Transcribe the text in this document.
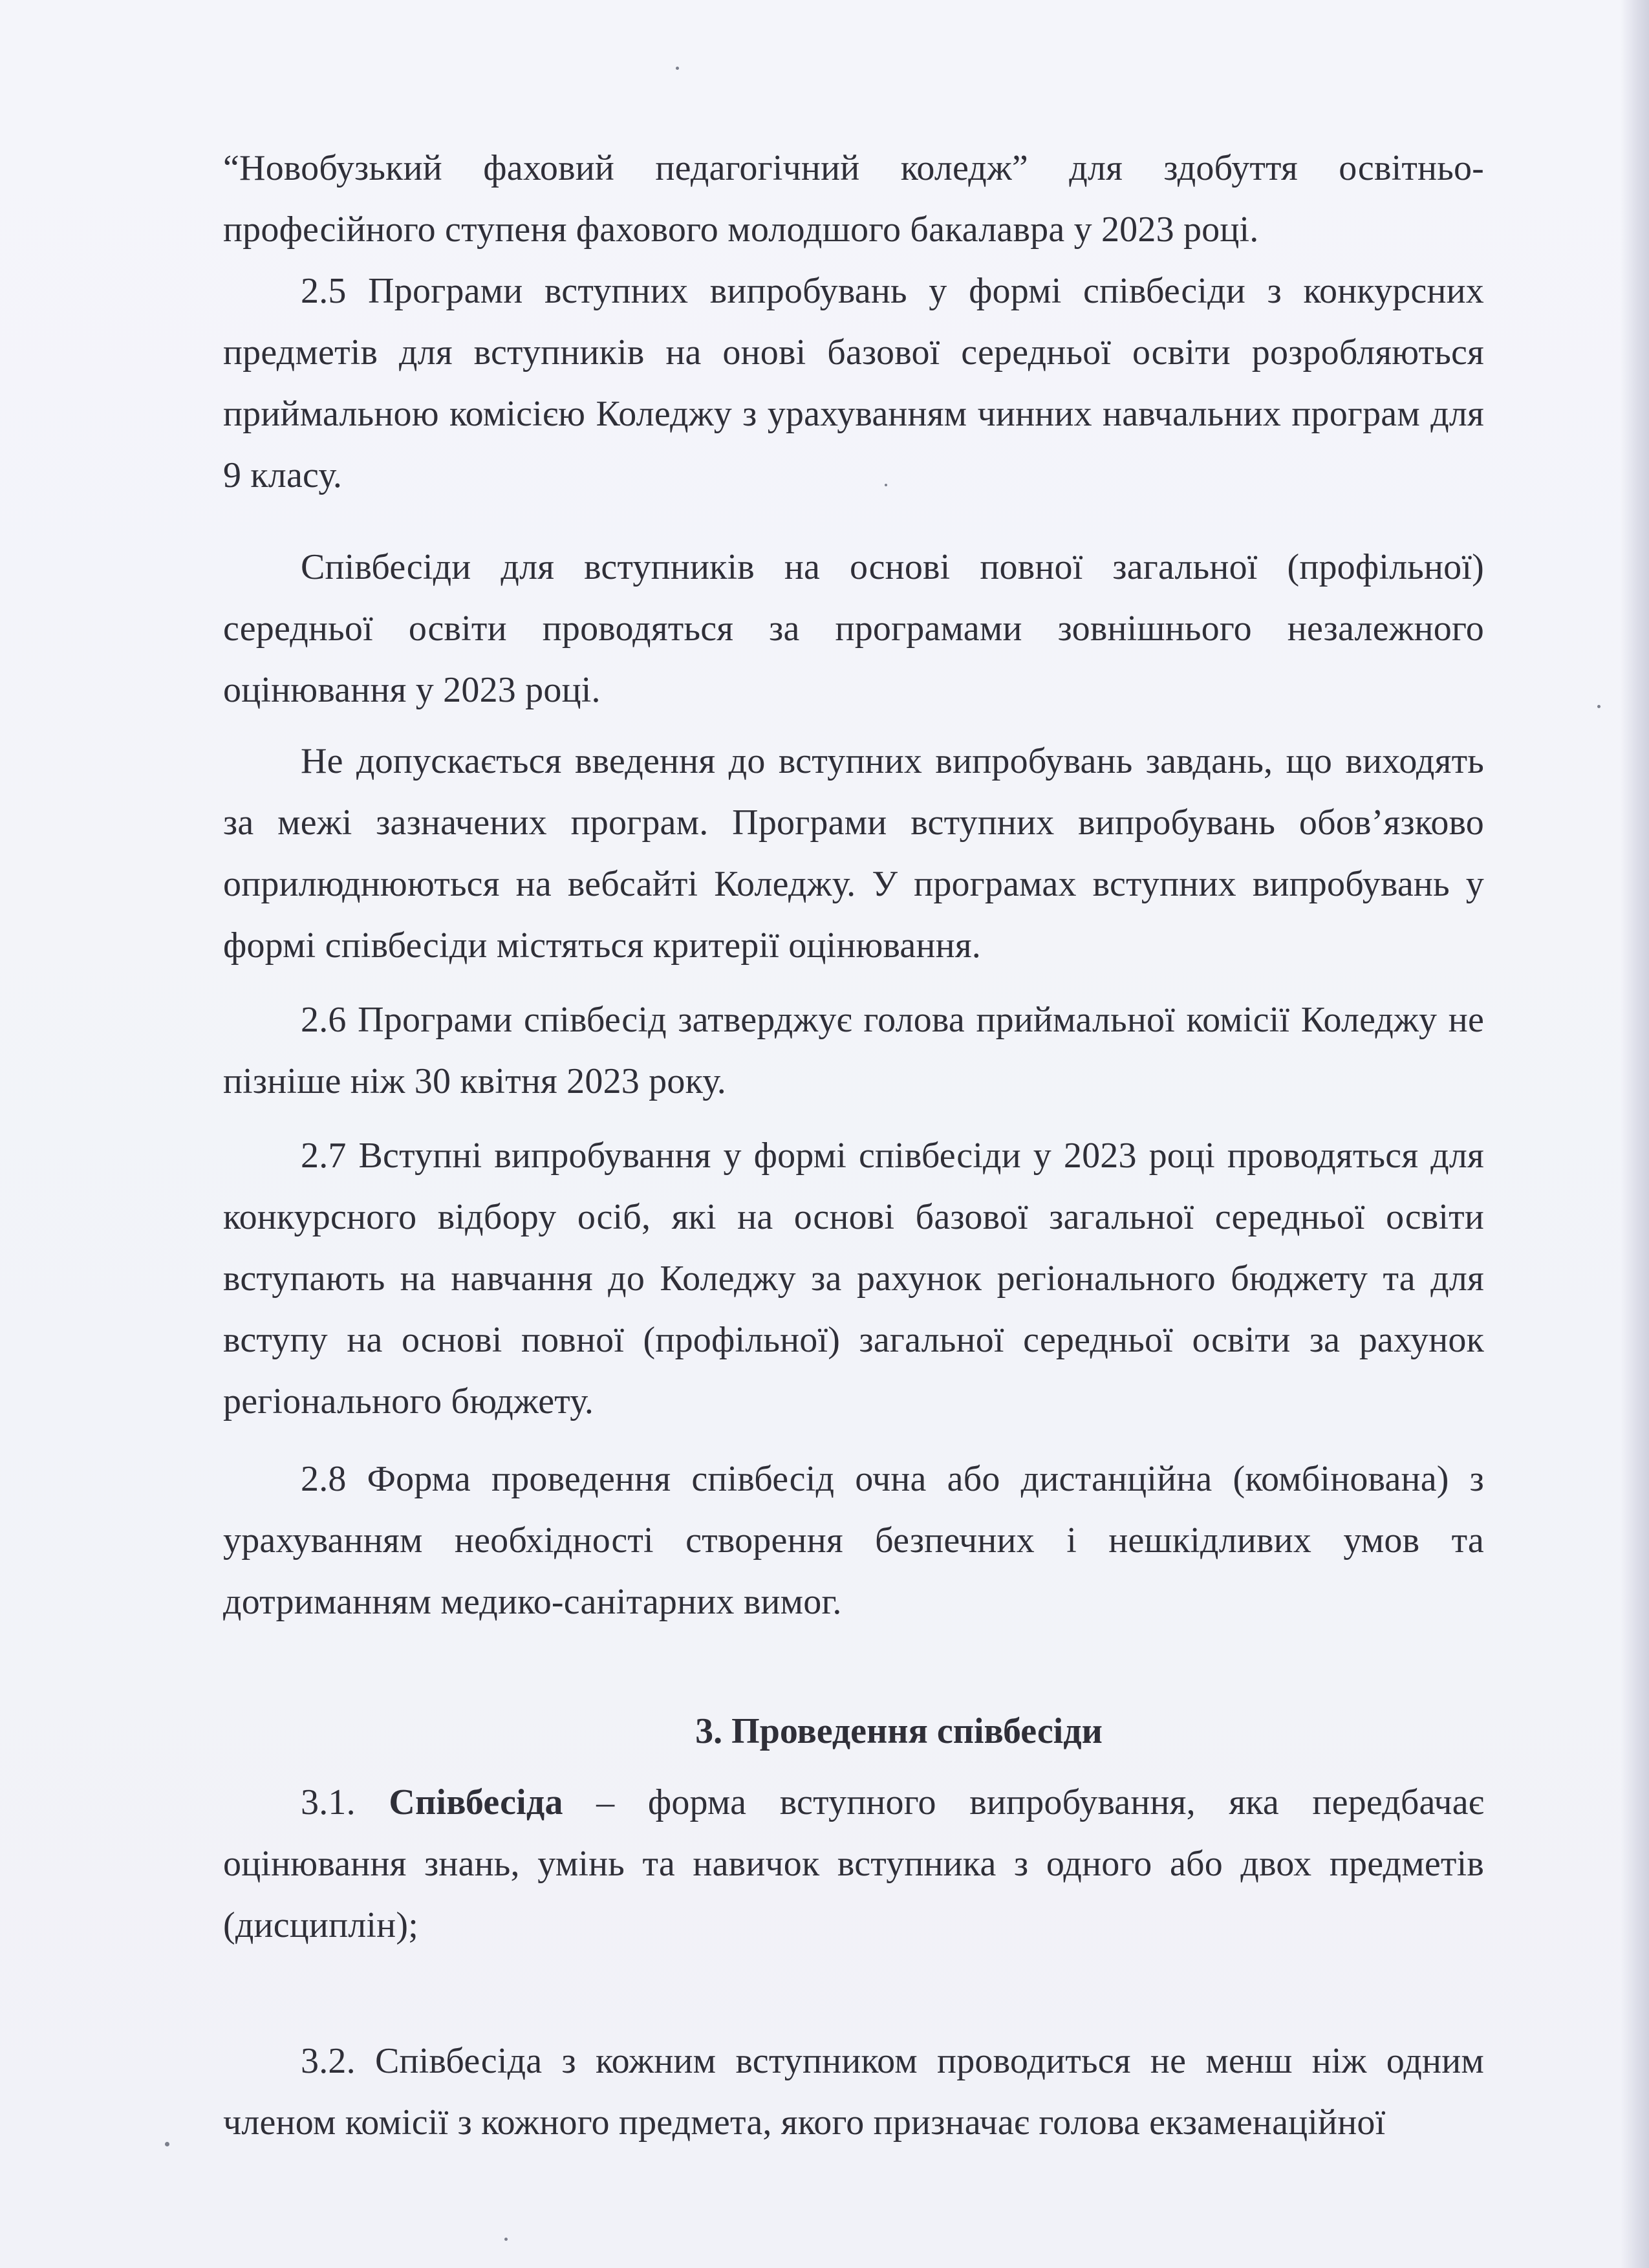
“Новобузький фаховий педагогічний коледж” для здобуття освітньо-

професійного ступеня фахового молодшого бакалавра у 2023 році.

2.5 Програми вступних випробувань у формі співбесіди з конкурсних предметів для вступників на онові базової середньої освіти розробляються приймальною комісією Коледжу з урахуванням чинних навчальних програм для 9 класу.

Співбесіди для вступників на основі повної загальної (профільної) середньої освіти проводяться за програмами зовнішнього незалежного оцінювання у 2023 році.

Не допускається введення до вступних випробувань завдань, що виходять за межі зазначених програм. Програми вступних випробувань обов’язково оприлюднюються на вебсайті Коледжу. У програмах вступних випробувань у формі співбесіди містяться критерії оцінювання.

2.6 Програми співбесід затверджує голова приймальної комісії Коледжу не пізніше ніж 30 квітня 2023 року.

2.7 Вступні випробування у формі співбесіди у 2023 році проводяться для конкурсного відбору осіб, які на основі базової загальної середньої освіти вступають на навчання до Коледжу за рахунок регіонального бюджету та для вступу на основі повної (профільної) загальної середньої освіти за рахунок регіонального бюджету.

2.8 Форма проведення співбесід очна або дистанційна (комбінована) з урахуванням необхідності створення безпечних і нешкідливих умов та дотриманням медико-санітарних вимог.

3. Проведення співбесіди

3.1. Співбесіда – форма вступного випробування, яка передбачає оцінювання знань, умінь та навичок вступника з одного або двох предметів (дисциплін);

3.2. Співбесіда з кожним вступником проводиться не менш ніж одним членом комісії з кожного предмета, якого призначає голова екзаменаційної
